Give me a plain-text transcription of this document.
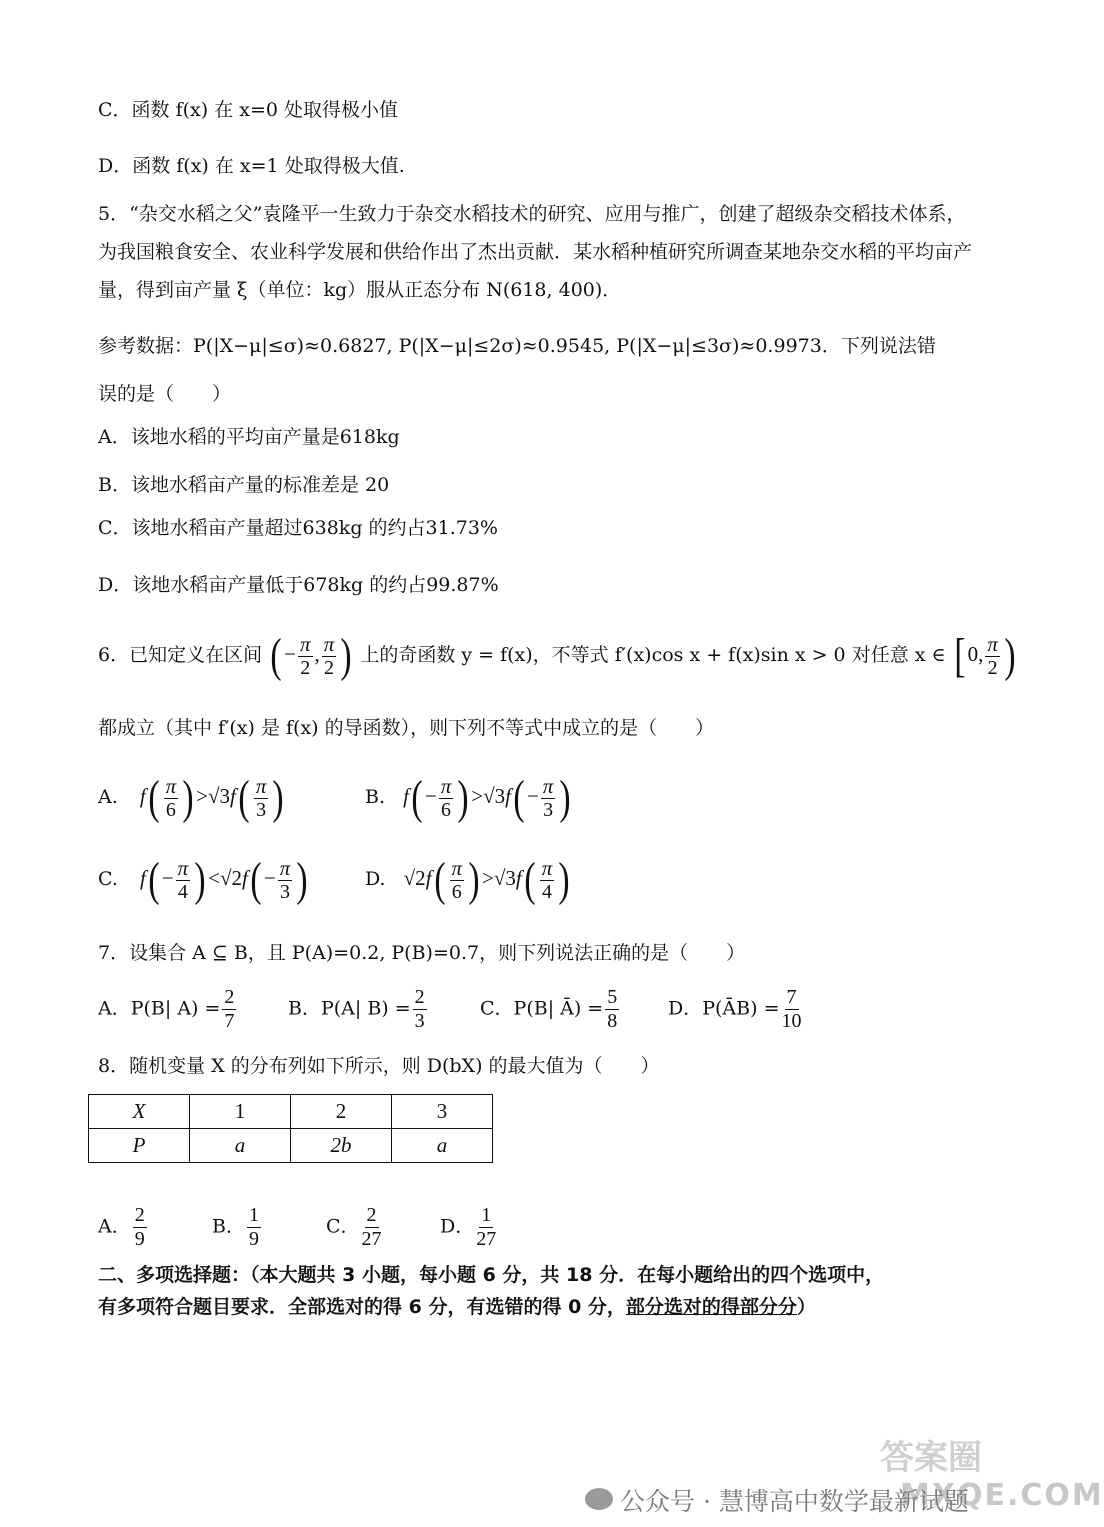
C．函数 f(x) 在 x=0 处取得极小值
D．函数 f(x) 在 x=1 处取得极大值.
5．“杂交水稻之父”袁隆平一生致力于杂交水稻技术的研究、应用与推广，创建了超级杂交稻技术体系，
为我国粮食安全、农业科学发展和供给作出了杰出贡献．某水稻种植研究所调查某地杂交水稻的平均亩产
量，得到亩产量 ξ（单位：kg）服从正态分布 N(618, 400)．
参考数据：P(|X−μ|≤σ)≈0.6827, P(|X−μ|≤2σ)≈0.9545, P(|X−μ|≤3σ)≈0.9973．下列说法错
误的是（　　）
A．该地水稻的平均亩产量是618kg
B．该地水稻亩产量的标准差是 20
C．该地水稻亩产量超过638kg 的约占31.73%
D．该地水稻亩产量低于678kg 的约占99.87%
6．已知定义在区间 ( − $\frac{\pi}{2}$ , $\frac{\pi}{2}$ ) 上的奇函数 y = f(x)，不等式 f′(x)cos x + f(x)sin x > 0 对任意 x ∈ [ 0, $\frac{\pi}{2}$ )
都成立（其中 f′(x) 是 f(x) 的导函数），则下列不等式中成立的是（　　）
A. $f( \frac{\pi}{6}$ ) $>√3f( \frac{\pi}{3}$ )	B. $f( - \frac{\pi}{6}$ ) $>√3f( - \frac{\pi}{3}$ )
C. $f( - \frac{\pi}{4}$ ) $<√2f( - \frac{\pi}{3}$ )	D. $√2f( \frac{\pi}{6}$ ) $>√3f( \frac{\pi}{4}$ )
7．设集合 A ⊆ B，且 P(A)=0.2, P(B)=0.7，则下列说法正确的是（　　）
A．P(B| $A) = \frac{2}{7}$	B．P(A| $B) = \frac{2}{3}$	C．P(B| Ā) = $\frac{5}{8}$	D．P(ĀB) = $\frac{7}{10}$
8．随机变量 X 的分布列如下所示，则 D(bX) 的最大值为（　　）
X	1	2	3
P	a	2b	a
A． $\frac{2}{9}$	B． $\frac{1}{9}$	C． $\frac{2}{27}$	D． $\frac{1}{27}$
二、多项选择题：（本大题共 3 小题，每小题 6 分，共 18 分．在每小题给出的四个选项中，
有多项符合题目要求．全部选对的得 6 分，有选错的得 0 分，部分选对的得部分分）
答案圈
MXQE.COM
公众号 · 慧博高中数学最新试题
